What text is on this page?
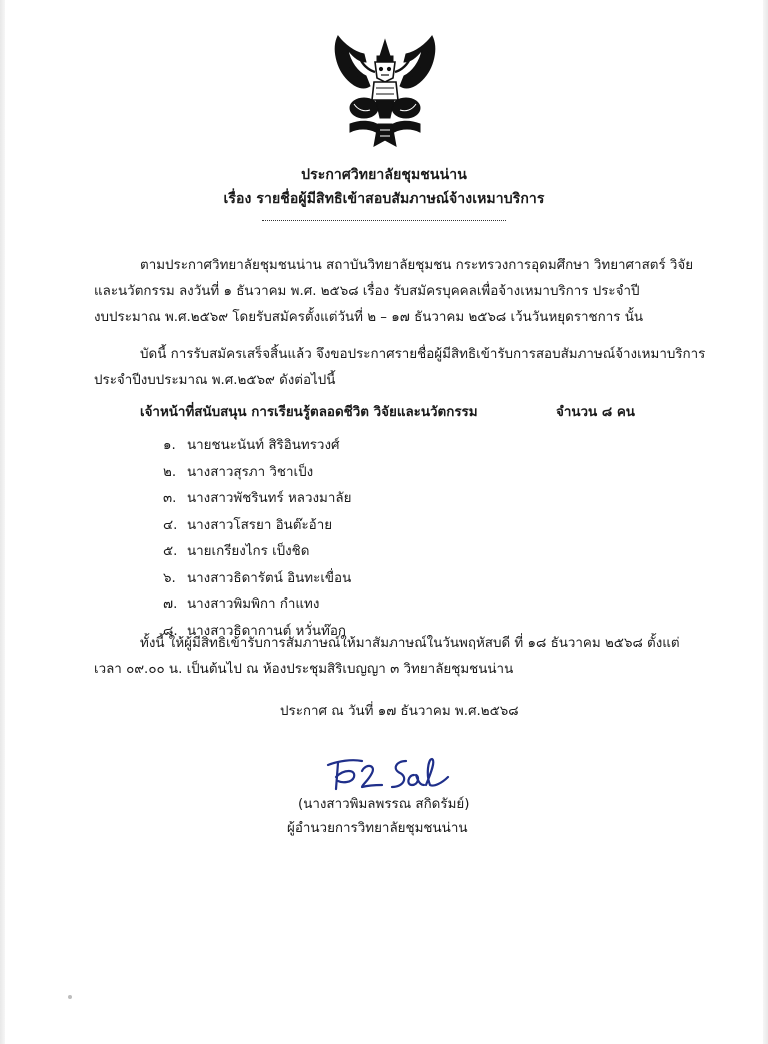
ประกาศวิทยาลัยชุมชนน่าน
เรื่อง รายชื่อผู้มีสิทธิเข้าสอบสัมภาษณ์จ้างเหมาบริการ
ตามประกาศวิทยาลัยชุมชนน่าน สถาบันวิทยาลัยชุมชน กระทรวงการอุดมศึกษา วิทยาศาสตร์ วิจัย
และนวัตกรรม ลงวันที่ ๑ ธันวาคม พ.ศ. ๒๕๖๘ เรื่อง รับสมัครบุคคลเพื่อจ้างเหมาบริการ ประจำปี
งบประมาณ พ.ศ.๒๕๖๙ โดยรับสมัครตั้งแต่วันที่ ๒ – ๑๗ ธันวาคม ๒๕๖๘ เว้นวันหยุดราชการ นั้น
บัดนี้ การรับสมัครเสร็จสิ้นแล้ว จึงขอประกาศรายชื่อผู้มีสิทธิเข้ารับการสอบสัมภาษณ์จ้างเหมาบริการ
ประจำปีงบประมาณ พ.ศ.๒๕๖๙ ดังต่อไปนี้
เจ้าหน้าที่สนับสนุน การเรียนรู้ตลอดชีวิต วิจัยและนวัตกรรม	จำนวน ๘ คน
๑. นายชนะนันท์ สิริอินทรวงศ์
๒. นางสาวสุรภา วิชาเป็ง
๓. นางสาวพัชรินทร์ หลวงมาลัย
๔. นางสาวโสรยา อินต๊ะอ้าย
๕. นายเกรียงไกร เป็งชิด
๖. นางสาวธิดารัตน์ อินทะเขื่อน
๗. นางสาวพิมพิกา กำแทง
๘. นางสาวธิดากานต์ หวั่นท๊อก
ทั้งนี้ ให้ผู้มีสิทธิเข้ารับการสัมภาษณ์ให้มาสัมภาษณ์ในวันพฤหัสบดี ที่ ๑๘ ธันวาคม ๒๕๖๘ ตั้งแต่
เวลา ๐๙.๐๐ น. เป็นต้นไป ณ ห้องประชุมสิริเบญญา ๓ วิทยาลัยชุมชนน่าน
ประกาศ ณ วันที่ ๑๗ ธันวาคม พ.ศ.๒๕๖๘
(นางสาวพิมลพรรณ สกิดรัมย์)
ผู้อำนวยการวิทยาลัยชุมชนน่าน
